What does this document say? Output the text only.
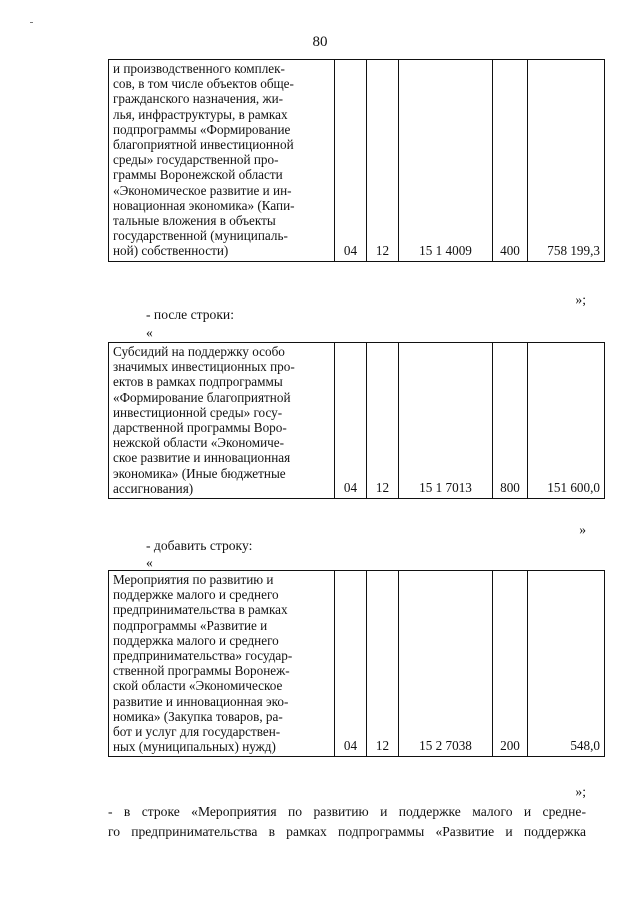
80
и производственного комплек-
сов, в том числе объектов обще-
гражданского назначения, жи-
лья, инфраструктуры, в рамках
подпрограммы «Формирование
благоприятной инвестиционной
среды» государственной про-
граммы Воронежской области
«Экономическое развитие и ин-
новационная экономика» (Капи-
тальные вложения в объекты
государственной (муниципаль-
ной) собственности)	04	12	15 1 4009	400	758 199,3
»;
- после строки:
«
Субсидий на поддержку особо
значимых инвестиционных про-
ектов в рамках подпрограммы
«Формирование благоприятной
инвестиционной среды» госу-
дарственной программы Воро-
нежской области «Экономиче-
ское развитие и инновационная
экономика» (Иные бюджетные
ассигнования)	04	12	15 1 7013	800	151 600,0
»
- добавить строку:
«
Мероприятия по развитию и
поддержке малого и среднего
предпринимательства в рамках
подпрограммы «Развитие и
поддержка малого и среднего
предпринимательства» государ-
ственной программы Воронеж-
ской области «Экономическое
развитие и инновационная эко-
номика» (Закупка товаров, ра-
бот и услуг для государствен-
ных (муниципальных) нужд)	04	12	15 2 7038	200	548,0
»;
- в строке «Мероприятия по развитию и поддержке малого и средне-
го предпринимательства в рамках подпрограммы «Развитие и поддержка
